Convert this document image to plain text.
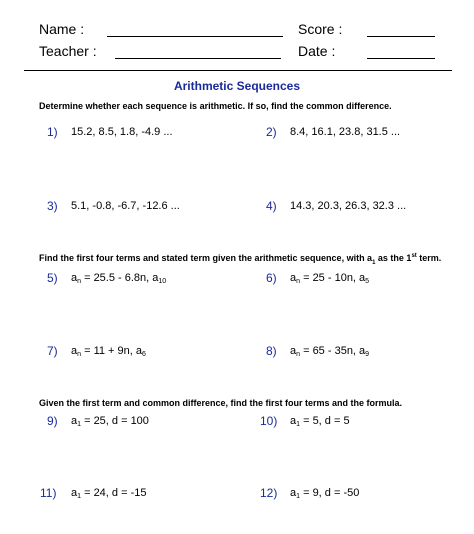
Name :	Score :
Teacher :	Date :
Arithmetic Sequences
Determine whether each sequence is arithmetic. If so, find the common difference.
1) 15.2, 8.5, 1.8, -4.9 ...	2) 8.4, 16.1, 23.8, 31.5 ...
3) 5.1, -0.8, -6.7, -12.6 ...	4) 14.3, 20.3, 26.3, 32.3 ...
Find the first four terms and stated term given the arithmetic sequence, with $a_1$ as the 1st term.
5) $a_n = 25.5 - 6.8n$, $a_{10}$	6) $a_n = 25 - 10n$, $a_5$
7) $a_n = 11 + 9n$, $a_6$	8) $a_n = 65 - 35n$, $a_9$
Given the first term and common difference, find the first four terms and the formula.
9) $a_1 = 25$, d = 100	10) $a_1 = 5$, d = 5
11) $a_1 = 24$, d = -15	12) $a_1 = 9$, d = -50
